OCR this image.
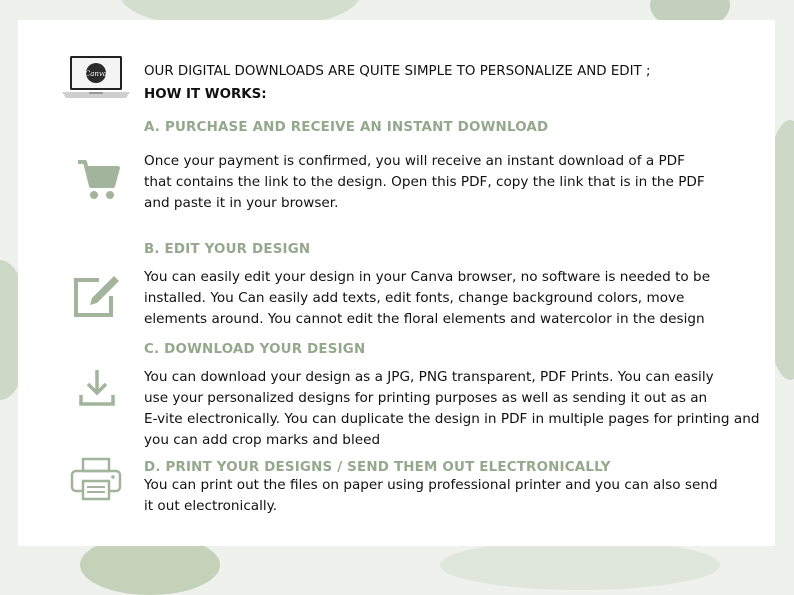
Canva	OUR DIGITAL DOWNLOADS ARE QUITE SIMPLE TO PERSONALIZE AND EDIT ;
HOW IT WORKS:
A. PURCHASE AND RECEIVE AN INSTANT DOWNLOAD
Once your payment is confirmed, you will receive an instant download of a PDF
that contains the link to the design. Open this PDF, copy the link that is in the PDF
and paste it in your browser.
B. EDIT YOUR DESIGN
You can easily edit your design in your Canva browser, no software is needed to be
installed. You Can easily add texts, edit fonts, change background colors, move
elements around. You cannot edit the floral elements and watercolor in the design
C. DOWNLOAD YOUR DESIGN
You can download your design as a JPG, PNG transparent, PDF Prints. You can easily
use your personalized designs for printing purposes as well as sending it out as an
E-vite electronically. You can duplicate the design in PDF in multiple pages for printing and
you can add crop marks and bleed
D. PRINT YOUR DESIGNS / SEND THEM OUT ELECTRONICALLY
You can print out the files on paper using professional printer and you can also send
it out electronically.
